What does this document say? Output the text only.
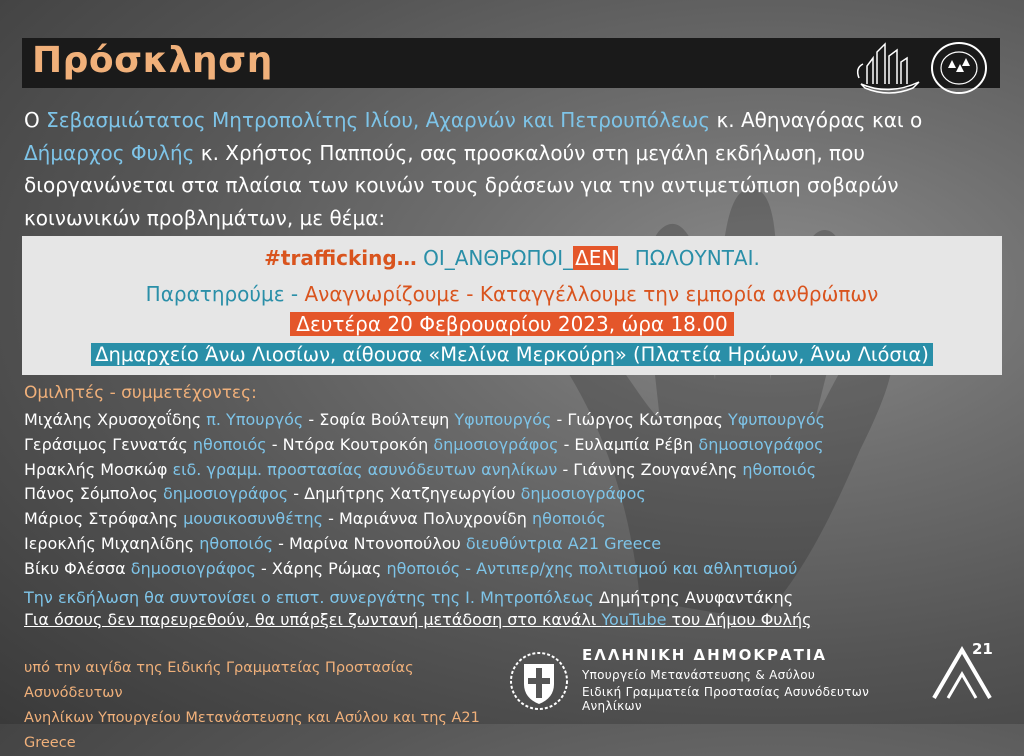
Πρόσκληση

Ο Σεβασμιώτατος Μητροπολίτης Ιλίου, Αχαρνών και Πετρουπόλεως κ. Αθηναγόρας και ο Δήμαρχος Φυλής κ. Χρήστος Παππούς, σας προσκαλούν στη μεγάλη εκδήλωση, που διοργανώνεται στα πλαίσια των κοινών τους δράσεων για την αντιμετώπιση σοβαρών κοινωνικών προβλημάτων, με θέμα:

#trafficking… ΟΙ_ΑΝΘΡΩΠΟΙ_ ΔΕΝ _ ΠΩΛΟΥΝΤΑΙ.
Παρατηρούμε - Αναγνωρίζουμε - Καταγγέλλουμε την εμπορία ανθρώπων
Δευτέρα 20 Φεβρουαρίου 2023, ώρα 18.00
Δημαρχείο Άνω Λιοσίων, αίθουσα «Μελίνα Μερκούρη» (Πλατεία Ηρώων, Άνω Λιόσια)
Ομιλητές - συμμετέχοντες:
Μιχάλης Χρυσοχοΐδης π. Υπουργός - Σοφία Βούλτεψη Υφυπουργός - Γιώργος Κώτσηρας Υφυπουργός
Γεράσιμος Γεννατάς ηθοποιός - Ντόρα Κουτροκόη δημοσιογράφος - Ευλαμπία Ρέβη δημοσιογράφος
Ηρακλής Μοσκώφ ειδ. γραμμ. προστασίας ασυνόδευτων ανηλίκων - Γιάννης Ζουγανέλης ηθοποιός
Πάνος Σόμπολος δημοσιογράφος - Δημήτρης Χατζηγεωργίου δημοσιογράφος
Μάριος Στρόφαλης μουσικοσυνθέτης - Μαριάννα Πολυχρονίδη ηθοποιός
Ιεροκλής Μιχαηλίδης ηθοποιός - Μαρίνα Ντονοπούλου διευθύντρια A21 Greece
Βίκυ Φλέσσα δημοσιογράφος - Χάρης Ρώμας ηθοποιός - Αντιπερ/χης πολιτισμού και αθλητισμού
Την εκδήλωση θα συντονίσει ο επιστ. συνεργάτης της Ι. Μητροπόλεως Δημήτρης Ανυφαντάκης
Για όσους δεν παρευρεθούν, θα υπάρξει ζωντανή μετάδοση στο κανάλι YouTube του Δήμου Φυλής
υπό την αιγίδα της Ειδικής Γραμματείας Προστασίας Ασυνόδευτων
Ανηλίκων Υπουργείου Μετανάστευσης και Ασύλου και της A21 Greece
ΕΛΛΗΝΙΚΗ ΔΗΜΟΚΡΑΤΙΑ
Υπουργείο Μετανάστευσης & Ασύλου
Ειδική Γραμματεία Προστασίας Ασυνόδευτων Ανηλίκων
21
